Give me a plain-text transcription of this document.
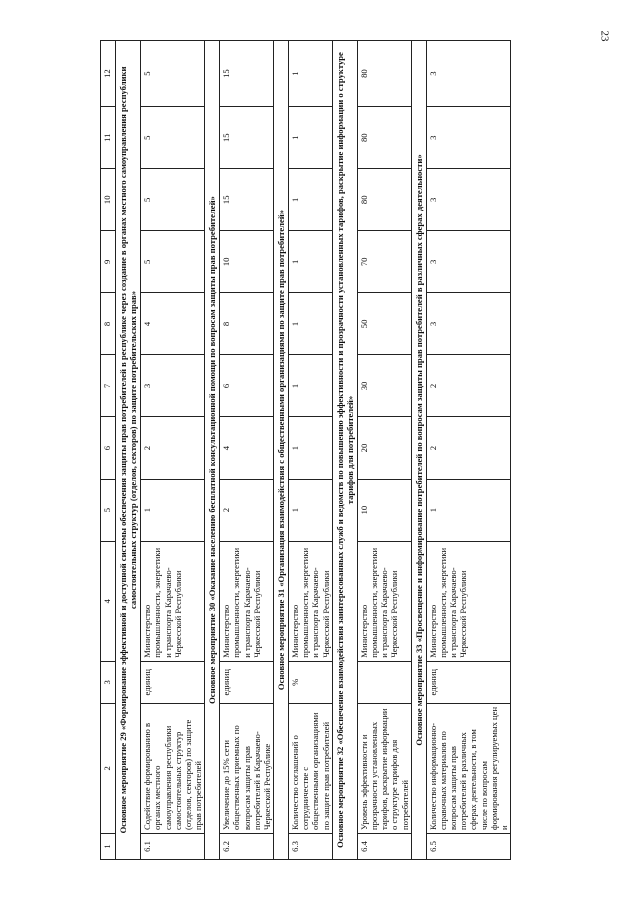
23
1	2	3	4	5	6	7	8	9	10	11	12
Основное мероприятие 29 «Формирование эффективной и доступной системы обеспечения защиты прав потребителей в республике через создание в органах местного самоуправления республики самостоятельных структур (отделов, секторов) по защите потребительских прав»											
6.1	Содействие формированию в органах местного самоуправления республики самостоятельных структур (отделов, секторов) по защите прав потребителей	единиц	Министерство промышленности, энергетики и транспорта Карачаево-Черкесской Республики	1	2	3	4	5	5	5	5
Основное мероприятие 30 «Оказание населению бесплатной консультационной помощи по вопросам защиты прав потребителей»											
6.2	Увеличение до 15% сети общественных приемных по вопросам защиты прав потребителей в Карачаево-Черкесской Республике	единиц	Министерство промышленности, энергетики и транспорта Карачаево-Черкесской Республики	2	4	6	8	10	15	15	15
Основное мероприятие 31 «Организация взаимодействия с общественными организациями по защите прав потребителей»											
6.3	Количество соглашений о сотрудничестве с общественными организациями по защите прав потребителей	%	Министерство промышленности, энергетики и транспорта Карачаево-Черкесской Республики	1	1	1	1	1	1	1	1
Основное мероприятие 32 «Обеспечение взаимодействия заинтересованных служб и ведомств по повышению эффективности и прозрачности установленных тарифов, раскрытие информации о структуре тарифов для потребителей»											
6.4	Уровень эффективности и прозрачности установленных тарифов, раскрытие информации о структуре тарифов для потребителей		Министерство промышленности, энергетики и транспорта Карачаево-Черкесской Республики	10	20	30	50	70	80	80	80
Основное мероприятие 33 «Просвещение и информирование потребителей по вопросам защиты прав потребителей в различных сферах деятельности»											
6.5	Количество информационно-справочных материалов по вопросам защиты прав потребителей в различных сферах деятельности, в том числе по вопросам формирования регулируемых цен и	единиц	Министерство промышленности, энергетики и транспорта Карачаево-Черкесской Республики	1	2	2	3	3	3	3	3
